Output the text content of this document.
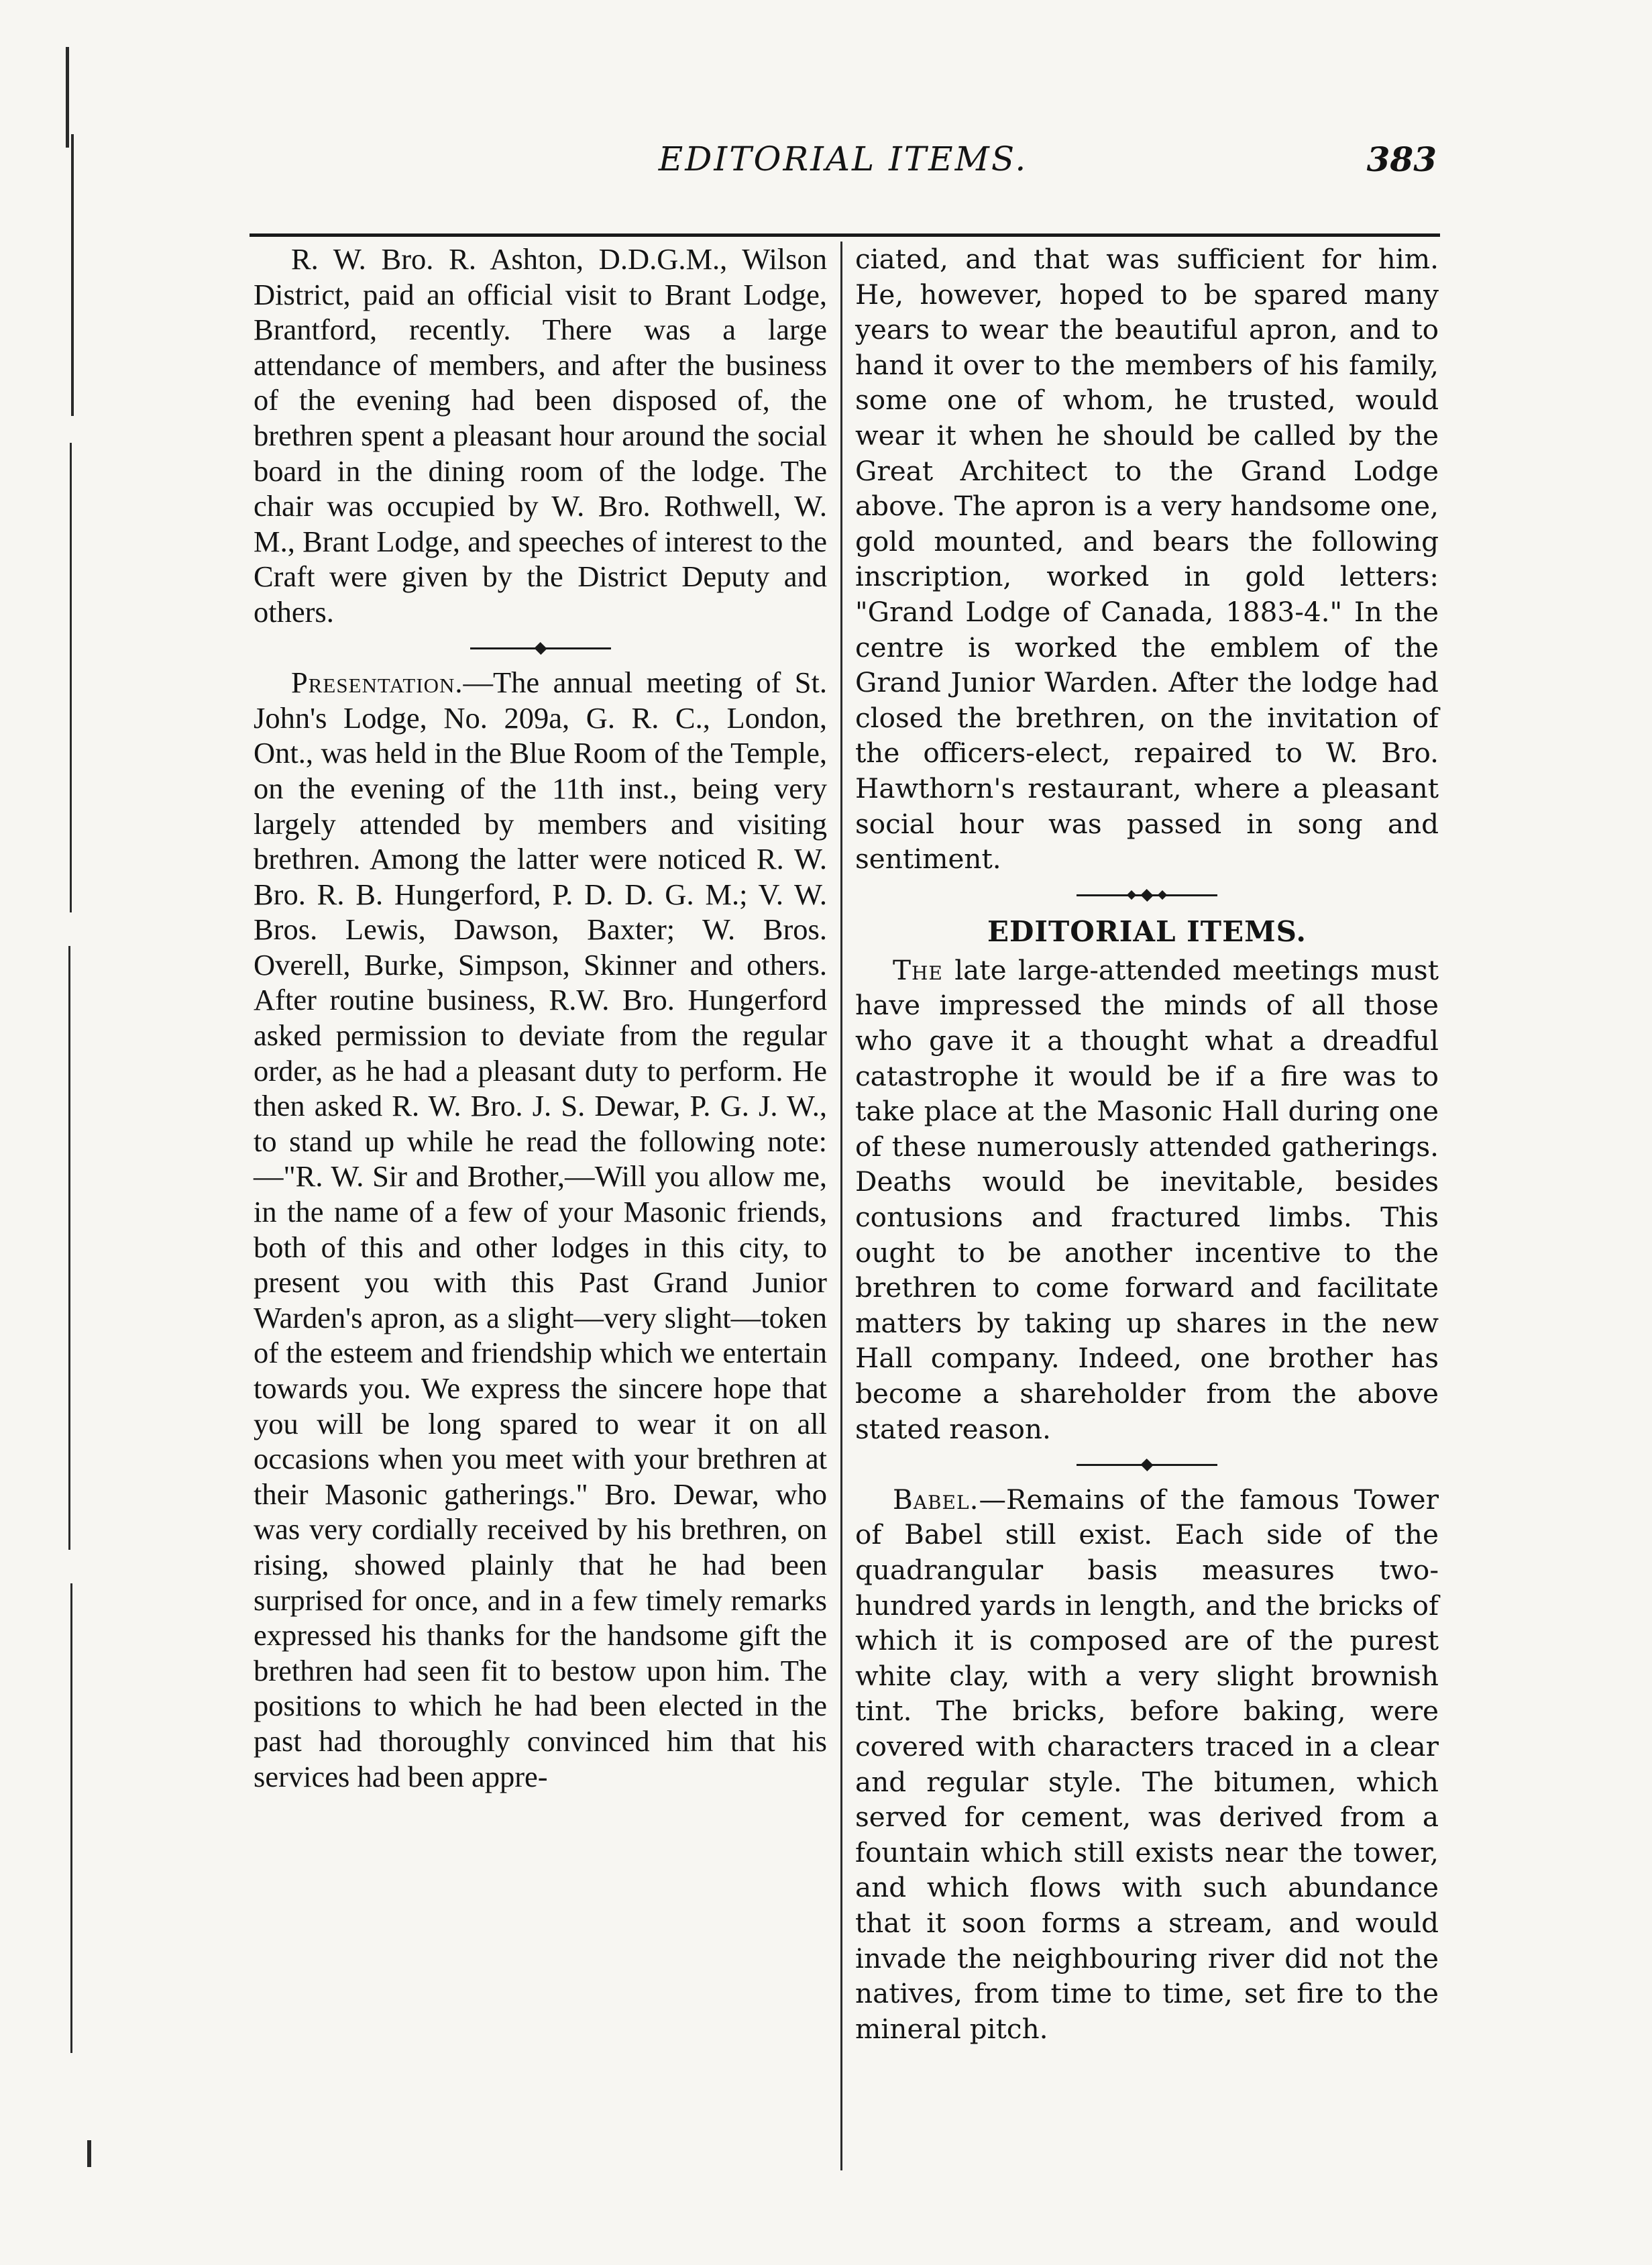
EDITORIAL ITEMS.	383

R. W. Bro. R. Ashton, D.D.G.M., Wilson District, paid an official visit to Brant Lodge, Brantford, recently. There was a large attendance of members, and after the business of the evening had been disposed of, the brethren spent a pleasant hour around the social board in the dining room of the lodge. The chair was occupied by W. Bro. Rothwell, W. M., Brant Lodge, and speeches of interest to the Craft were given by the District Deputy and others.

Presentation.—The annual meeting of St. John's Lodge, No. 209a, G. R. C., London, Ont., was held in the Blue Room of the Temple, on the evening of the 11th inst., being very largely attended by members and visiting brethren. Among the latter were noticed R. W. Bro. R. B. Hungerford, P. D. D. G. M.; V. W. Bros. Lewis, Dawson, Baxter; W. Bros. Overell, Burke, Simpson, Skinner and others. After routine business, R.W. Bro. Hungerford asked permission to deviate from the regular order, as he had a pleasant duty to perform. He then asked R. W. Bro. J. S. Dewar, P. G. J. W., to stand up while he read the following note:—"R. W. Sir and Brother,—Will you allow me, in the name of a few of your Masonic friends, both of this and other lodges in this city, to present you with this Past Grand Junior Warden's apron, as a slight—very slight—token of the esteem and friendship which we entertain towards you. We express the sincere hope that you will be long spared to wear it on all occasions when you meet with your brethren at their Masonic gatherings." Bro. Dewar, who was very cordially received by his brethren, on rising, showed plainly that he had been surprised for once, and in a few timely remarks expressed his thanks for the handsome gift the brethren had seen fit to bestow upon him. The positions to which he had been elected in the past had thoroughly convinced him that his services had been appre-

ciated, and that was sufficient for him. He, however, hoped to be spared many years to wear the beautiful apron, and to hand it over to the members of his family, some one of whom, he trusted, would wear it when he should be called by the Great Architect to the Grand Lodge above. The apron is a very handsome one, gold mounted, and bears the following inscription, worked in gold letters: "Grand Lodge of Canada, 1883-4." In the centre is worked the emblem of the Grand Junior Warden. After the lodge had closed the brethren, on the invitation of the officers-elect, repaired to W. Bro. Hawthorn's restaurant, where a pleasant social hour was passed in song and sentiment.

EDITORIAL ITEMS.

The late large-attended meetings must have impressed the minds of all those who gave it a thought what a dreadful catastrophe it would be if a fire was to take place at the Masonic Hall during one of these numerously attended gatherings. Deaths would be inevitable, besides contusions and fractured limbs. This ought to be another incentive to the brethren to come forward and facilitate matters by taking up shares in the new Hall company. Indeed, one brother has become a shareholder from the above stated reason.

Babel.—Remains of the famous Tower of Babel still exist. Each side of the quadrangular basis measures two-hundred yards in length, and the bricks of which it is composed are of the purest white clay, with a very slight brownish tint. The bricks, before baking, were covered with characters traced in a clear and regular style. The bitumen, which served for cement, was derived from a fountain which still exists near the tower, and which flows with such abundance that it soon forms a stream, and would invade the neighbouring river did not the natives, from time to time, set fire to the mineral pitch.
